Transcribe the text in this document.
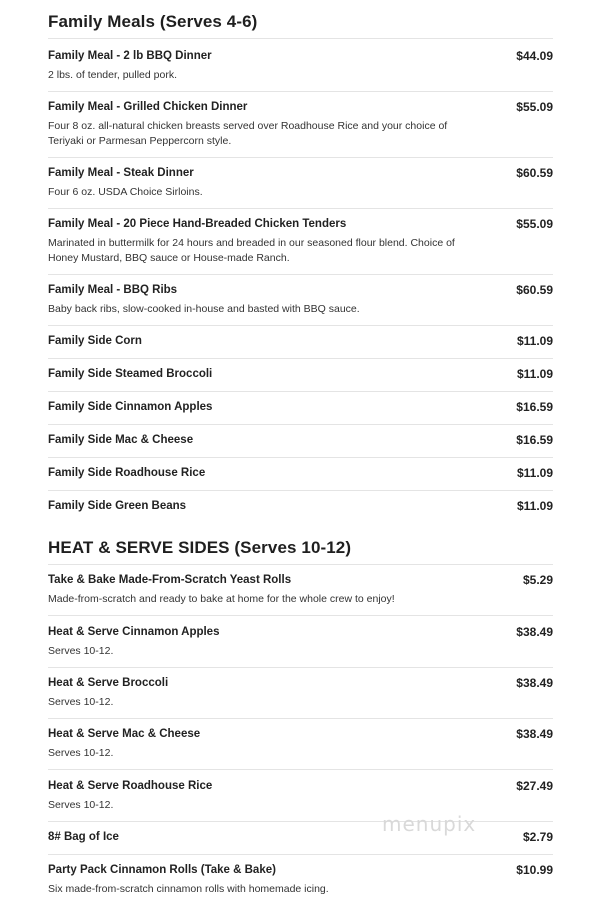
Family Meals (Serves 4-6)
Family Meal - 2 lb BBQ Dinner	$44.09
2 lbs. of tender, pulled pork.
Family Meal - Grilled Chicken Dinner	$55.09
Four 8 oz. all-natural chicken breasts served over Roadhouse Rice and your choice of Teriyaki or Parmesan Peppercorn style.
Family Meal - Steak Dinner	$60.59
Four 6 oz. USDA Choice Sirloins.
Family Meal - 20 Piece Hand-Breaded Chicken Tenders	$55.09
Marinated in buttermilk for 24 hours and breaded in our seasoned flour blend. Choice of Honey Mustard, BBQ sauce or House-made Ranch.
Family Meal - BBQ Ribs	$60.59
Baby back ribs, slow-cooked in-house and basted with BBQ sauce.
Family Side Corn	$11.09
Family Side Steamed Broccoli	$11.09
Family Side Cinnamon Apples	$16.59
Family Side Mac & Cheese	$16.59
Family Side Roadhouse Rice	$11.09
Family Side Green Beans	$11.09
HEAT & SERVE SIDES (Serves 10-12)
Take & Bake Made-From-Scratch Yeast Rolls	$5.29
Made-from-scratch and ready to bake at home for the whole crew to enjoy!
Heat & Serve Cinnamon Apples	$38.49
Serves 10-12.
Heat & Serve Broccoli	$38.49
Serves 10-12.
Heat & Serve Mac & Cheese	$38.49
Serves 10-12.
Heat & Serve Roadhouse Rice	$27.49
Serves 10-12.
8# Bag of Ice	$2.79
Party Pack Cinnamon Rolls (Take & Bake)	$10.99
Six made-from-scratch cinnamon rolls with homemade icing.
menupix
